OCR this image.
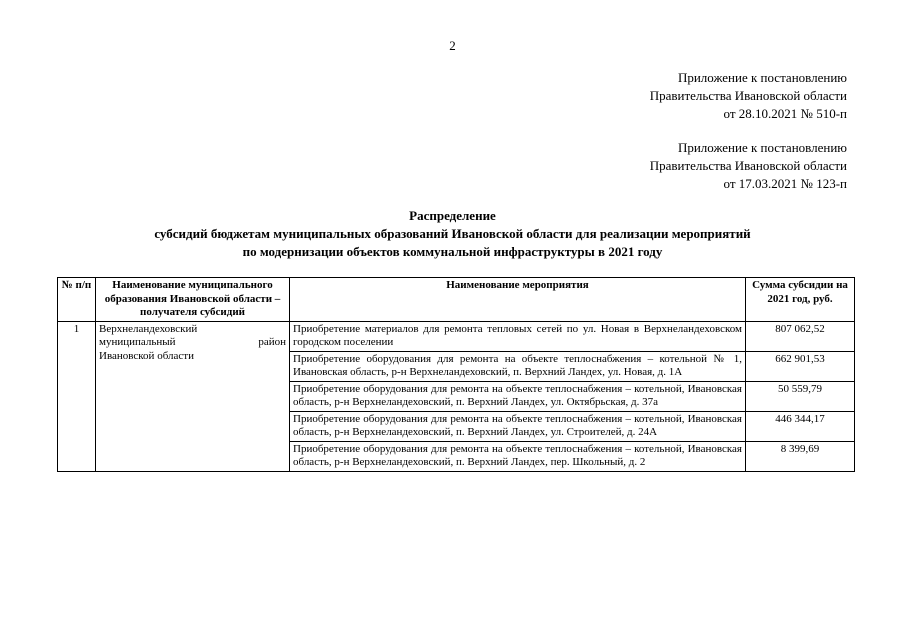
2
Приложение к постановлению
Правительства Ивановской области
от 28.10.2021 № 510-п
Приложение к постановлению
Правительства Ивановской области
от 17.03.2021 № 123-п
Распределение
субсидий бюджетам муниципальных образований Ивановской области для реализации мероприятий
по модернизации объектов коммунальной инфраструктуры в 2021 году
№ п/п	Наименование муниципального образования Ивановской области – получателя субсидий	Наименование мероприятия	Сумма субсидии на 2021 год, руб.
1	Верхнеландеховский
муниципальный район
Ивановской области	Приобретение материалов для ремонта тепловых сетей по ул. Новая в Верхнеландеховском городском поселении	807 062,52
		Приобретение оборудования для ремонта на объекте теплоснабжения – котельной № 1, Ивановская область, р-н Верхнеландеховский, п. Верхний Ландех, ул. Новая, д. 1А	662 901,53
		Приобретение оборудования для ремонта на объекте теплоснабжения – котельной, Ивановская область, р-н Верхнеландеховский, п. Верхний Ландех, ул. Октябрьская, д. 37а	50 559,79
		Приобретение оборудования для ремонта на объекте теплоснабжения – котельной, Ивановская область, р-н Верхнеландеховский, п. Верхний Ландех, ул. Строителей, д. 24А	446 344,17
		Приобретение оборудования для ремонта на объекте теплоснабжения – котельной, Ивановская область, р-н Верхнеландеховский, п. Верхний Ландех, пер. Школьный, д. 2	8 399,69
